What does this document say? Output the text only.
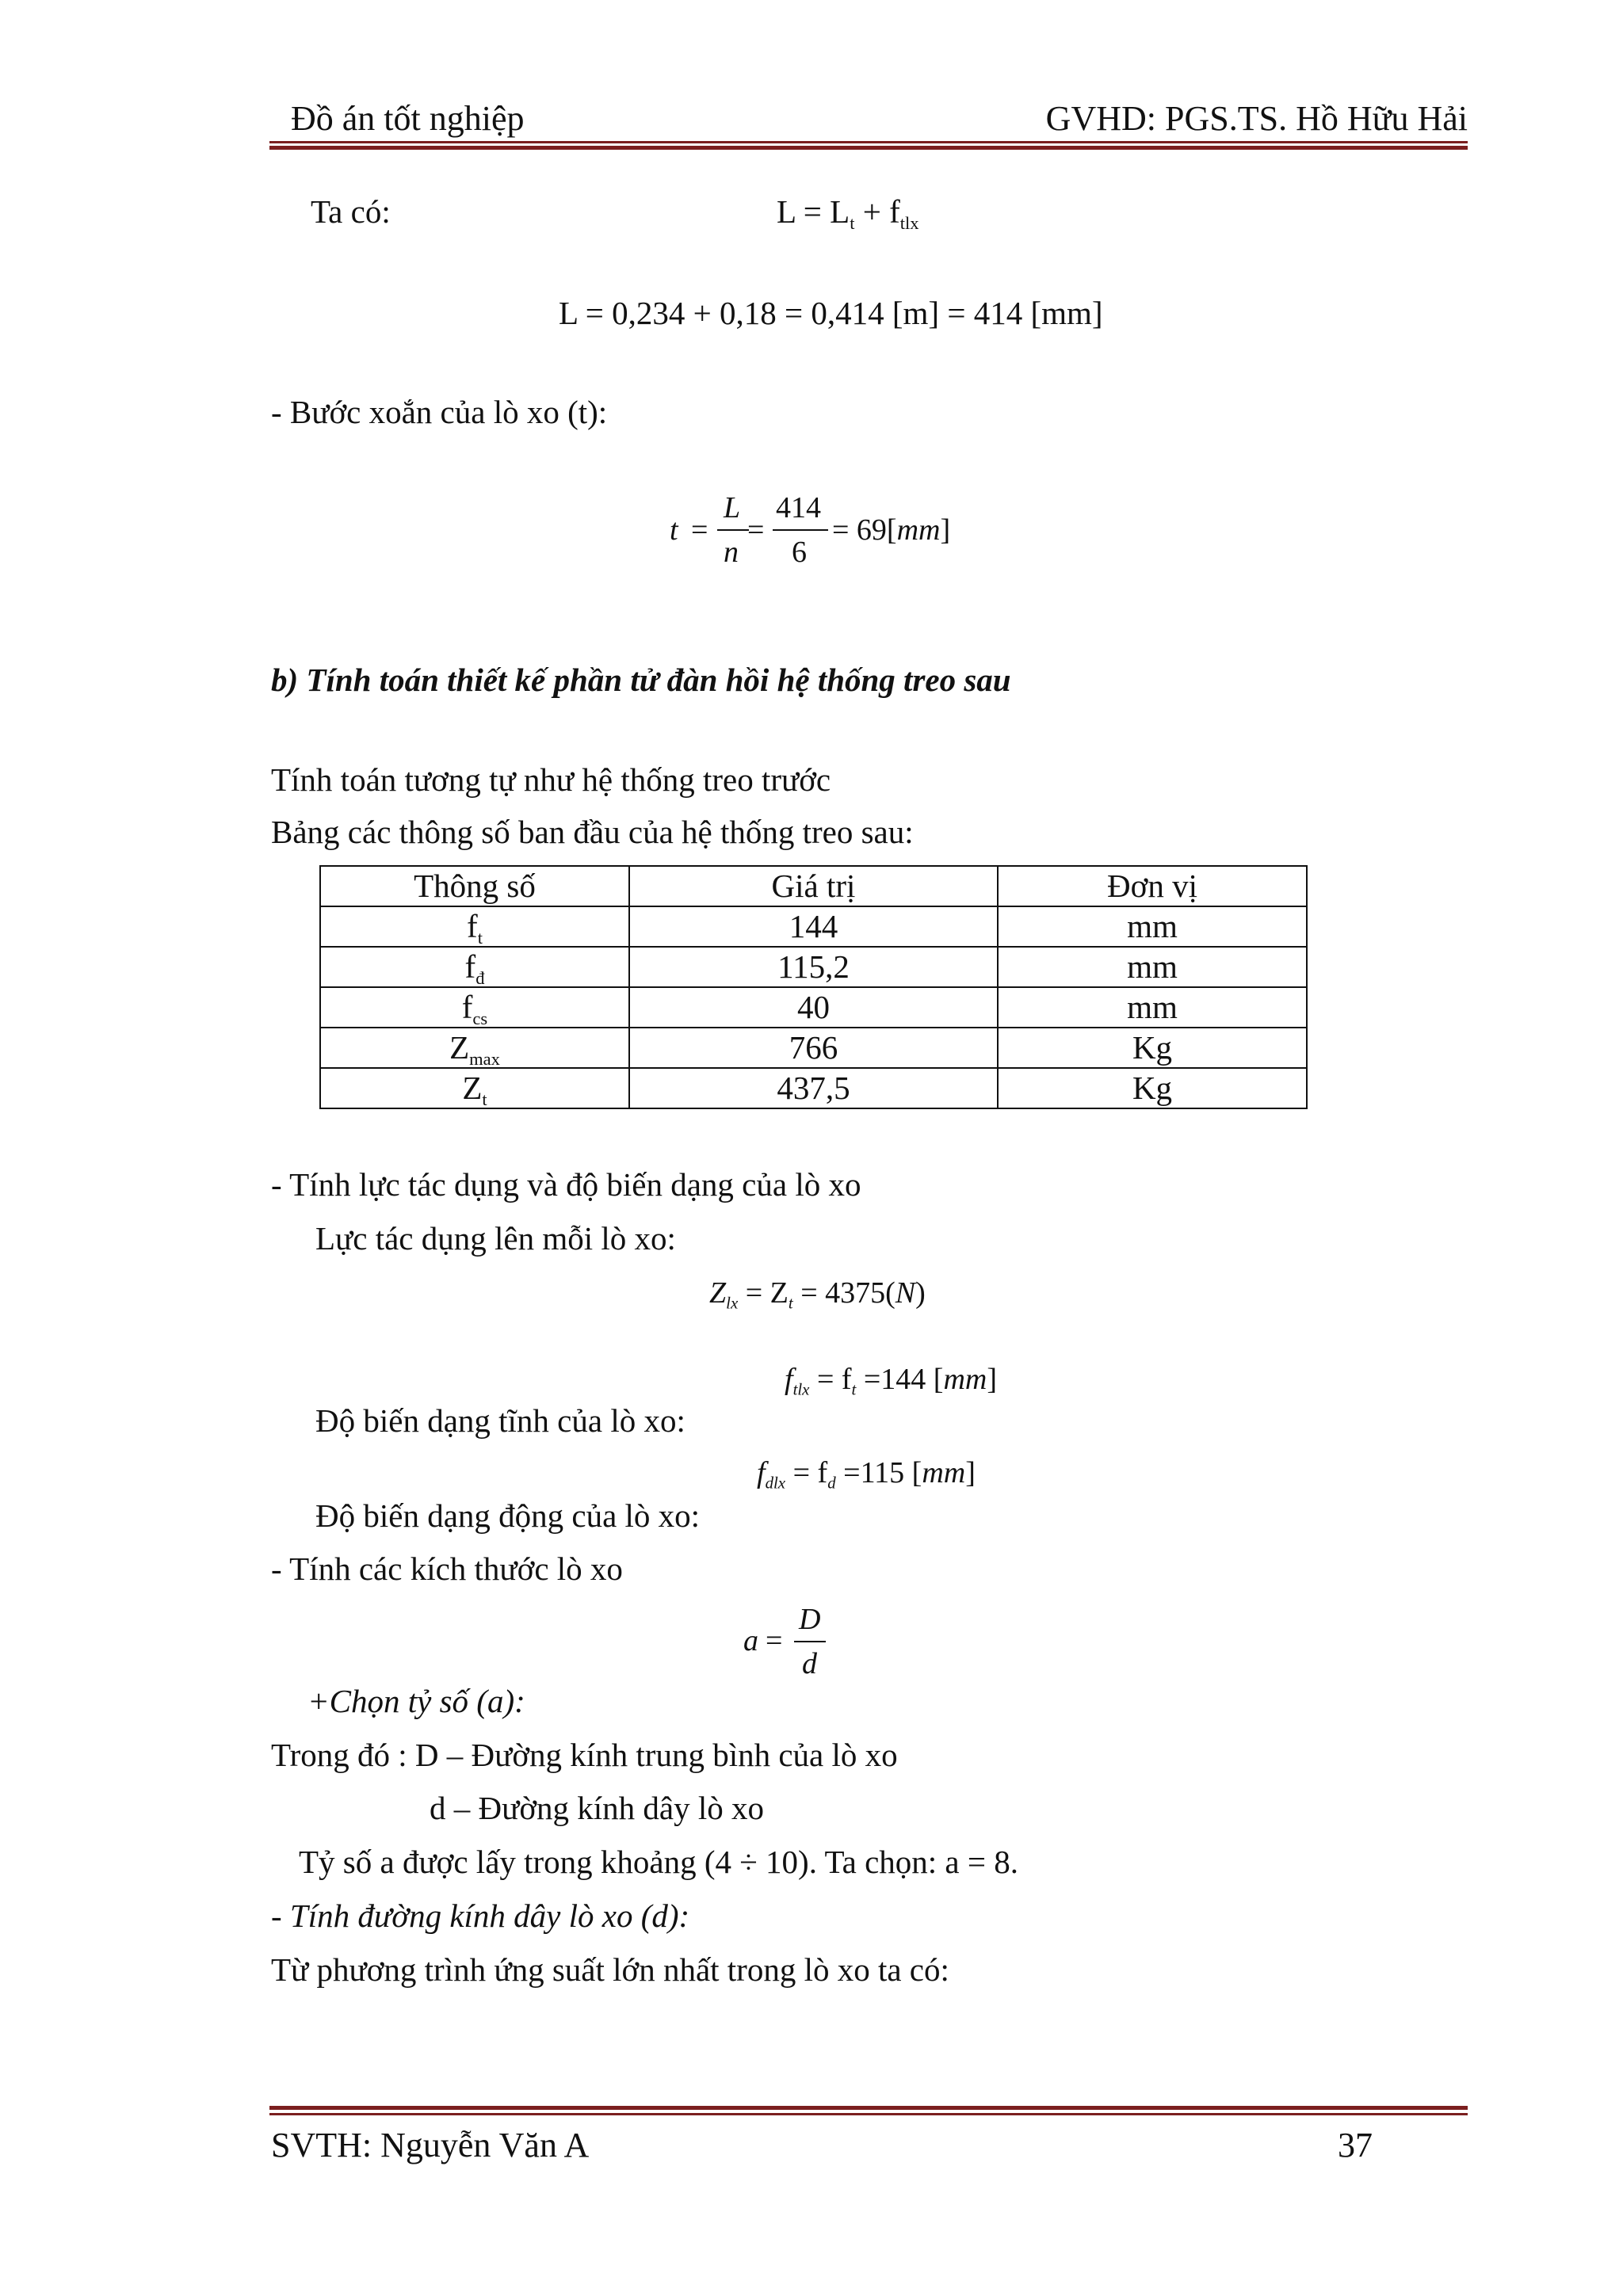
Đồ án tốt nghiệp	GVHD: PGS.TS. Hồ Hữu Hải
Ta có:	$L = L_t + f_{tlx}$
L = 0,234 + 0,18 = 0,414 [m] = 414 [mm]
- Bước xoắn của lò xo (t):
t =
L
n
=
414
6
= 69[mm]
b) Tính toán thiết kế phần tử đàn hồi hệ thống treo sau
Tính toán tương tự như hệ thống treo trước
Bảng các thông số ban đầu của hệ thống treo sau:
Thông số	Giá trị	Đơn vị
$f_t$	144	mm
$f_đ$	115,2	mm
$f_{cs}$	40	mm
$Z_{max}$	766	Kg
$Z_t$	437,5	Kg
- Tính lực tác dụng và độ biến dạng của lò xo
Lực tác dụng lên mỗi lò xo:
$Z_{lx} = Z_t = 4375(N)$
$f_{tlx} = f_t =144$ [mm]
Độ biến dạng tĩnh của lò xo:
$f_{dlx} = f_d =115$ [mm]
Độ biến dạng động của lò xo:
- Tính các kích thước lò xo
a =
D
d
+Chọn tỷ số (a):
Trong đó : D – Đường kính trung bình của lò xo
d – Đường kính dây lò xo
Tỷ số a được lấy trong khoảng (4 ÷ 10). Ta chọn: a = 8.
- Tính đường kính dây lò xo (d):
Từ phương trình ứng suất lớn nhất trong lò xo ta có:
SVTH: Nguyễn Văn A	37
